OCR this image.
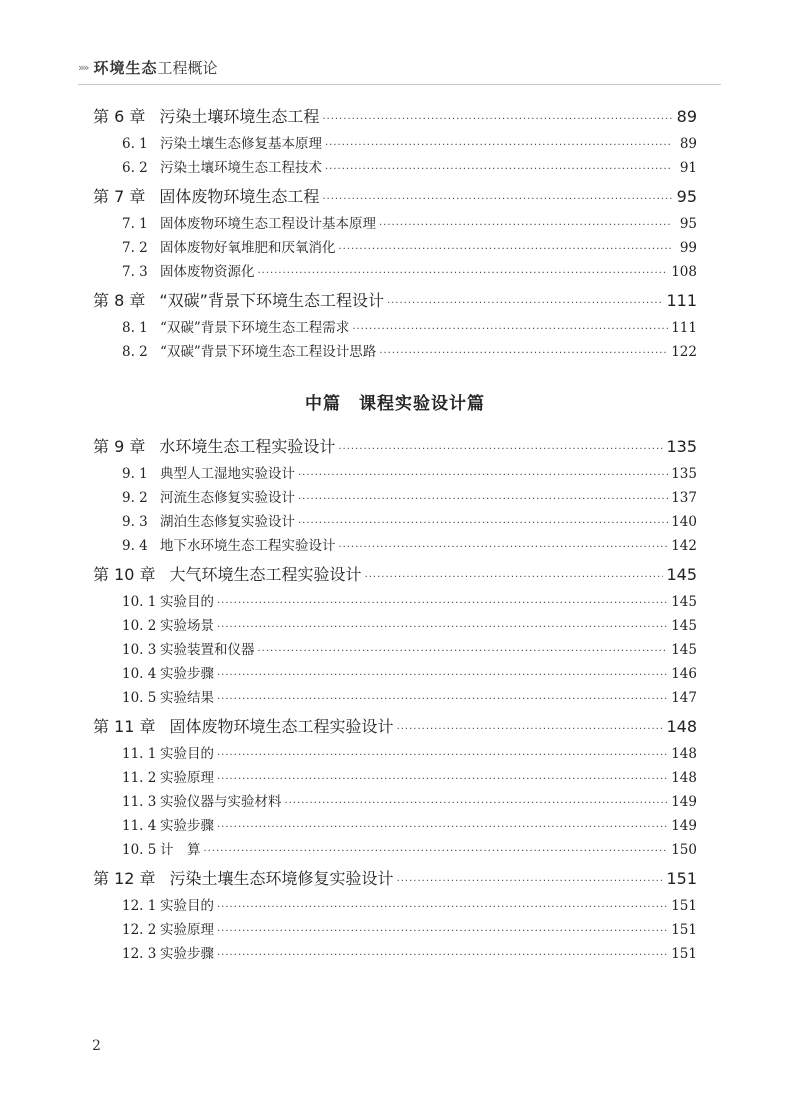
»» 环境生态 工程概论
第 6 章 污染土壤环境生态工程 ·····	89
6. 1 污染土壤生态修复基本原理 ·····	89
6. 2 污染土壤环境生态工程技术 ·····	91
第 7 章 固体废物环境生态工程 ·····	95
7. 1 固体废物环境生态工程设计基本原理 ·····	95
7. 2 固体废物好氧堆肥和厌氧消化 ·····	99
7. 3 固体废物资源化 ·····	108
第 8 章 “双碳”背景下环境生态工程设计 ·····	111
8. 1 “双碳”背景下环境生态工程需求 ·····	111
8. 2 “双碳”背景下环境生态工程设计思路 ·····	122
中篇 课程实验设计篇
第 9 章 水环境生态工程实验设计 ·····	135
9. 1 典型人工湿地实验设计 ·····	135
9. 2 河流生态修复实验设计 ·····	137
9. 3 湖泊生态修复实验设计 ·····	140
9. 4 地下水环境生态工程实验设计 ·····	142
第 10 章 大气环境生态工程实验设计 ·····	145
10. 1 实验目的 ·····	145
10. 2 实验场景 ·····	145
10. 3 实验装置和仪器 ·····	145
10. 4 实验步骤 ·····	146
10. 5 实验结果 ·····	147
第 11 章 固体废物环境生态工程实验设计 ·····	148
11. 1 实验目的 ·····	148
11. 2 实验原理 ·····	148
11. 3 实验仪器与实验材料 ·····	149
11. 4 实验步骤 ·····	149
10. 5 计　算 ·····	150
第 12 章 污染土壤生态环境修复实验设计 ·····	151
12. 1 实验目的 ·····	151
12. 2 实验原理 ·····	151
12. 3 实验步骤 ·····	151
2
